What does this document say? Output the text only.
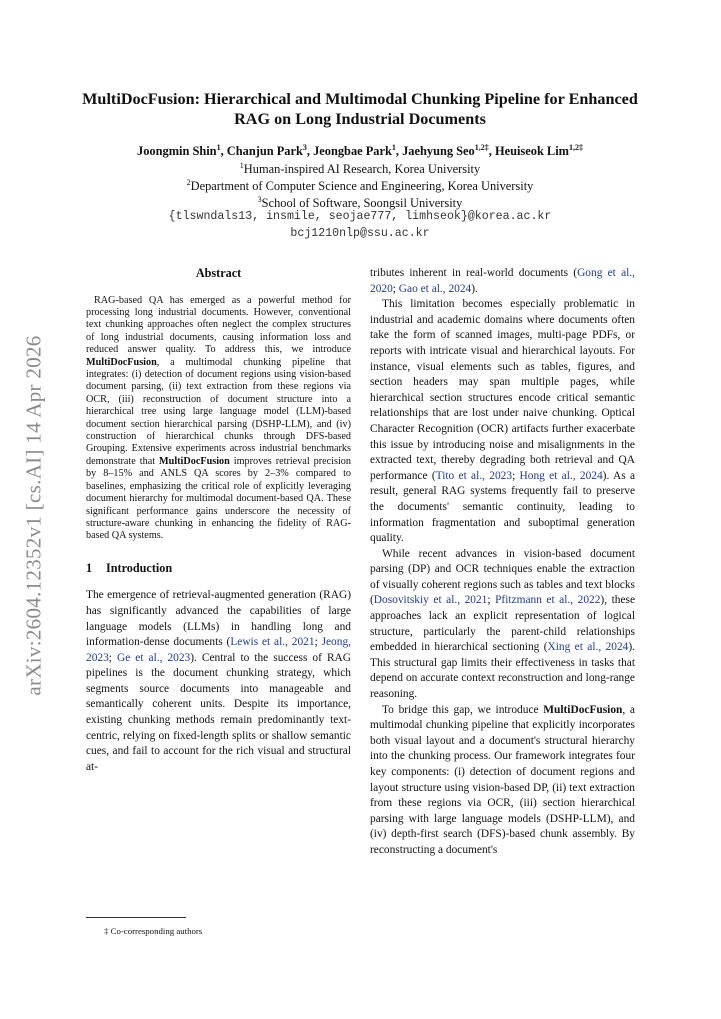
arXiv:2604.12352v1 [cs.AI] 14 Apr 2026
MultiDocFusion: Hierarchical and Multimodal Chunking Pipeline for Enhanced RAG on Long Industrial Documents
Joongmin Shin$^1$, Chanjun Park$^3$, Jeongbae Park$^1$, Jaehyung Seo$^{1,2\ddagger}$, Heuiseok Lim$^{1,2\ddagger}$
$^1$Human-inspired AI Research, Korea University
$^2$Department of Computer Science and Engineering, Korea University
$^3$School of Software, Soongsil University
{tlswndals13, insmile, seojae777, limhseok}@korea.ac.kr
bcj1210nlp@ssu.ac.kr
Abstract

RAG-based QA has emerged as a powerful method for processing long industrial documents. However, conventional text chunking approaches often neglect the complex structures of long industrial documents, causing information loss and reduced answer quality. To address this, we introduce MultiDocFusion, a multimodal chunking pipeline that integrates: (i) detection of document regions using vision-based document parsing, (ii) text extraction from these regions via OCR, (iii) reconstruction of document structure into a hierarchical tree using large language model (LLM)-based document section hierarchical parsing (DSHP-LLM), and (iv) construction of hierarchical chunks through DFS-based Grouping. Extensive experiments across industrial benchmarks demonstrate that MultiDocFusion improves retrieval precision by 8–15% and ANLS QA scores by 2–3% compared to baselines, emphasizing the critical role of explicitly leveraging document hierarchy for multimodal document-based QA. These significant performance gains underscore the necessity of structure-aware chunking in enhancing the fidelity of RAG-based QA systems.

1 Introduction

The emergence of retrieval-augmented generation (RAG) has significantly advanced the capabilities of large language models (LLMs) in handling long and information-dense documents (Lewis et al., 2021; Jeong, 2023; Ge et al., 2023). Central to the success of RAG pipelines is the document chunking strategy, which segments source documents into manageable and semantically coherent units. Despite its importance, existing chunking methods remain predominantly text-centric, relying on fixed-length splits or shallow semantic cues, and fail to account for the rich visual and structural at-

tributes inherent in real-world documents (Gong et al., 2020; Gao et al., 2024).

This limitation becomes especially problematic in industrial and academic domains where documents often take the form of scanned images, multi-page PDFs, or reports with intricate visual and hierarchical layouts. For instance, visual elements such as tables, figures, and section headers may span multiple pages, while hierarchical section structures encode critical semantic relationships that are lost under naive chunking. Optical Character Recognition (OCR) artifacts further exacerbate this issue by introducing noise and misalignments in the extracted text, thereby degrading both retrieval and QA performance (Tito et al., 2023; Hong et al., 2024). As a result, general RAG systems frequently fail to preserve the documents' semantic continuity, leading to information fragmentation and suboptimal generation quality.

While recent advances in vision-based document parsing (DP) and OCR techniques enable the extraction of visually coherent regions such as tables and text blocks (Dosovitskiy et al., 2021; Pfitzmann et al., 2022), these approaches lack an explicit representation of logical structure, particularly the parent-child relationships embedded in hierarchical sectioning (Xing et al., 2024). This structural gap limits their effectiveness in tasks that depend on accurate context reconstruction and long-range reasoning.

To bridge this gap, we introduce MultiDocFusion, a multimodal chunking pipeline that explicitly incorporates both visual layout and a document's structural hierarchy into the chunking process. Our framework integrates four key components: (i) detection of document regions and layout structure using vision-based DP, (ii) text extraction from these regions via OCR, (iii) section hierarchical parsing with large language models (DSHP-LLM), and (iv) depth-first search (DFS)-based chunk assembly. By reconstructing a document's

‡ Co-corresponding authors
